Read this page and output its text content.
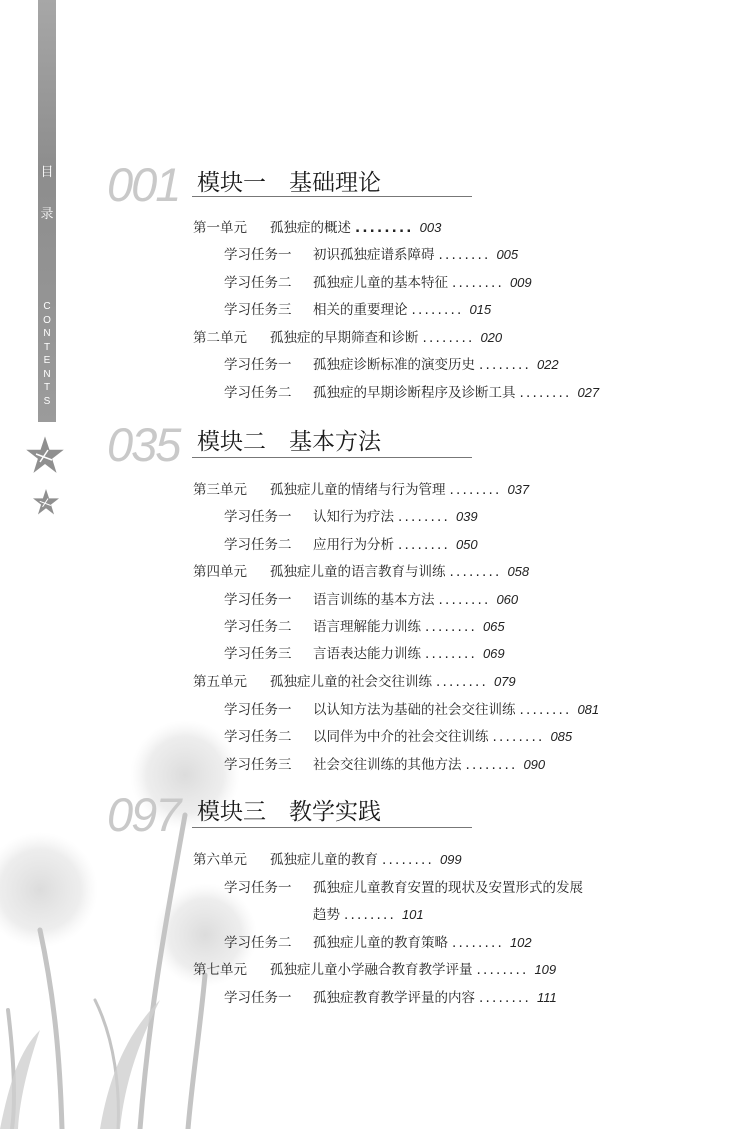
目
录
C
O
N
T
E
N
T
S
001 模块一　基础理论
第一单元 孤独症的概述 ........ 003
学习任务一 初识孤独症谱系障碍 ........ 005
学习任务二 孤独症儿童的基本特征 ........ 009
学习任务三 相关的重要理论 ........ 015
第二单元 孤独症的早期筛查和诊断 ........ 020
学习任务一 孤独症诊断标准的演变历史 ........ 022
学习任务二 孤独症的早期诊断程序及诊断工具 ........ 027
035 模块二　基本方法
第三单元 孤独症儿童的情绪与行为管理 ........ 037
学习任务一 认知行为疗法 ........ 039
学习任务二 应用行为分析 ........ 050
第四单元 孤独症儿童的语言教育与训练 ........ 058
学习任务一 语言训练的基本方法 ........ 060
学习任务二 语言理解能力训练 ........ 065
学习任务三 言语表达能力训练 ........ 069
第五单元 孤独症儿童的社会交往训练 ........ 079
学习任务一 以认知方法为基础的社会交往训练 ........ 081
学习任务二 以同伴为中介的社会交往训练 ........ 085
学习任务三 社会交往训练的其他方法 ........ 090
097 模块三　教学实践
第六单元 孤独症儿童的教育 ........ 099
学习任务一 孤独症儿童教育安置的现状及安置形式的发展
趋势 ........ 101
学习任务二 孤独症儿童的教育策略 ........ 102
第七单元 孤独症儿童小学融合教育教学评量 ........ 109
学习任务一 孤独症教育教学评量的内容 ........ 111
